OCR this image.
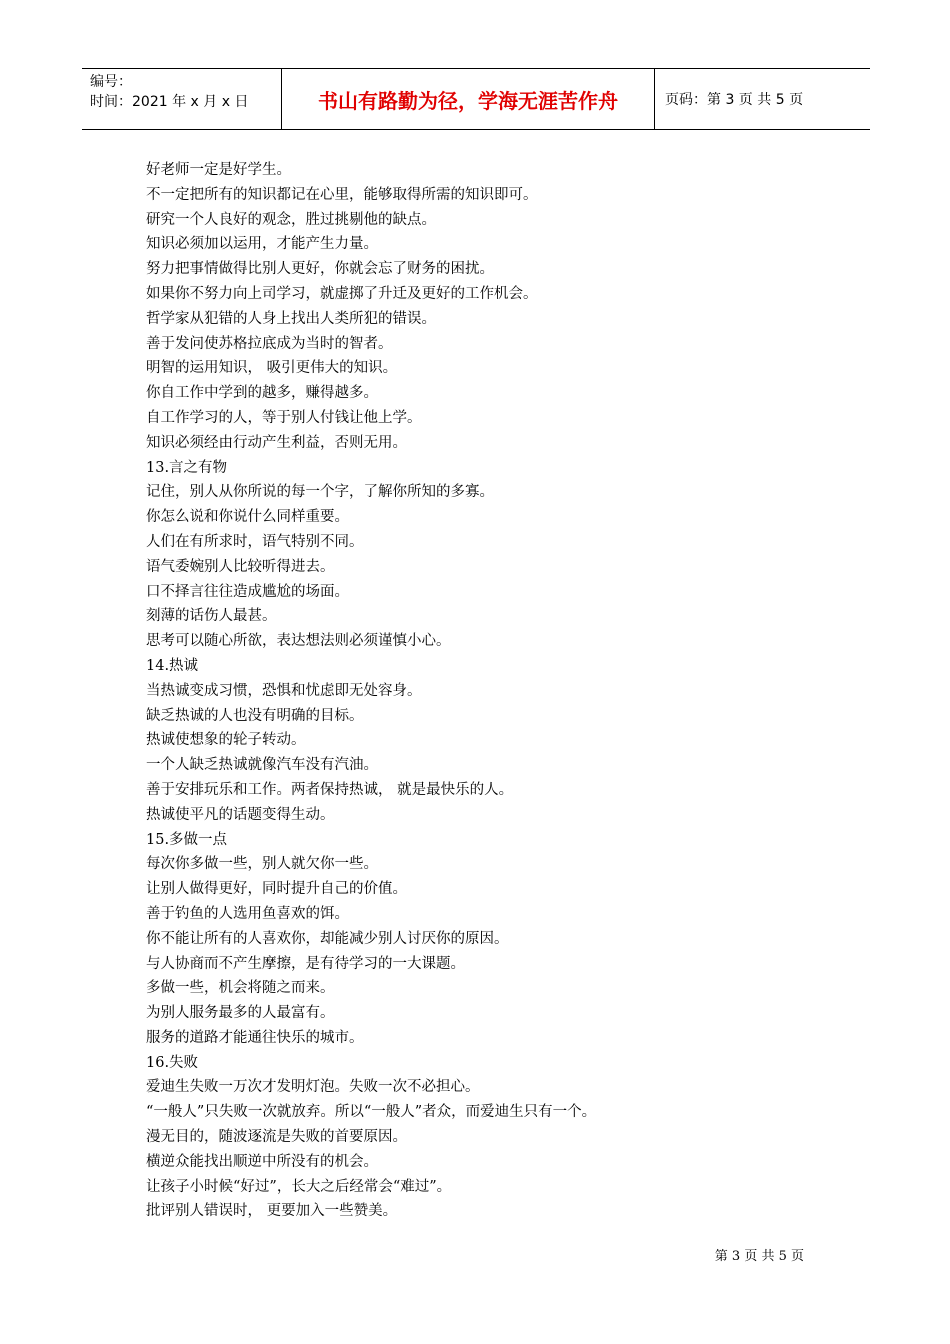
编号：
时间：2021 年 x 月 x 日	书山有路勤为径，学海无涯苦作舟	页码：第 3 页 共 5 页
好老师一定是好学生。
不一定把所有的知识都记在心里，能够取得所需的知识即可。
研究一个人良好的观念，胜过挑剔他的缺点。
知识必须加以运用，才能产生力量。
努力把事情做得比别人更好，你就会忘了财务的困扰。
如果你不努力向上司学习，就虚掷了升迁及更好的工作机会。
哲学家从犯错的人身上找出人类所犯的错误。
善于发问使苏格拉底成为当时的智者。
明智的运用知识， 吸引更伟大的知识。
你自工作中学到的越多，赚得越多。
自工作学习的人，等于别人付钱让他上学。
知识必须经由行动产生利益，否则无用。
13.言之有物
记住，别人从你所说的每一个字，了解你所知的多寡。
你怎么说和你说什么同样重要。
人们在有所求时，语气特别不同。
语气委婉别人比较听得进去。
口不择言往往造成尴尬的场面。
刻薄的话伤人最甚。
思考可以随心所欲，表达想法则必须谨慎小心。
14.热诚
当热诚变成习惯，恐惧和忧虑即无处容身。
缺乏热诚的人也没有明确的目标。
热诚使想象的轮子转动。
一个人缺乏热诚就像汽车没有汽油。
善于安排玩乐和工作。两者保持热诚， 就是最快乐的人。
热诚使平凡的话题变得生动。
15.多做一点
每次你多做一些，别人就欠你一些。
让别人做得更好，同时提升自己的价值。
善于钓鱼的人选用鱼喜欢的饵。
你不能让所有的人喜欢你，却能减少别人讨厌你的原因。
与人协商而不产生摩擦，是有待学习的一大课题。
多做一些，机会将随之而来。
为别人服务最多的人最富有。
服务的道路才能通往快乐的城市。
16.失败
爱迪生失败一万次才发明灯泡。失败一次不必担心。
“一般人”只失败一次就放弃。所以“一般人”者众，而爱迪生只有一个。
漫无目的，随波逐流是失败的首要原因。
横逆众能找出顺逆中所没有的机会。
让孩子小时候“好过”，长大之后经常会“难过”。
批评别人错误时， 更要加入一些赞美。
第 3 页 共 5 页
